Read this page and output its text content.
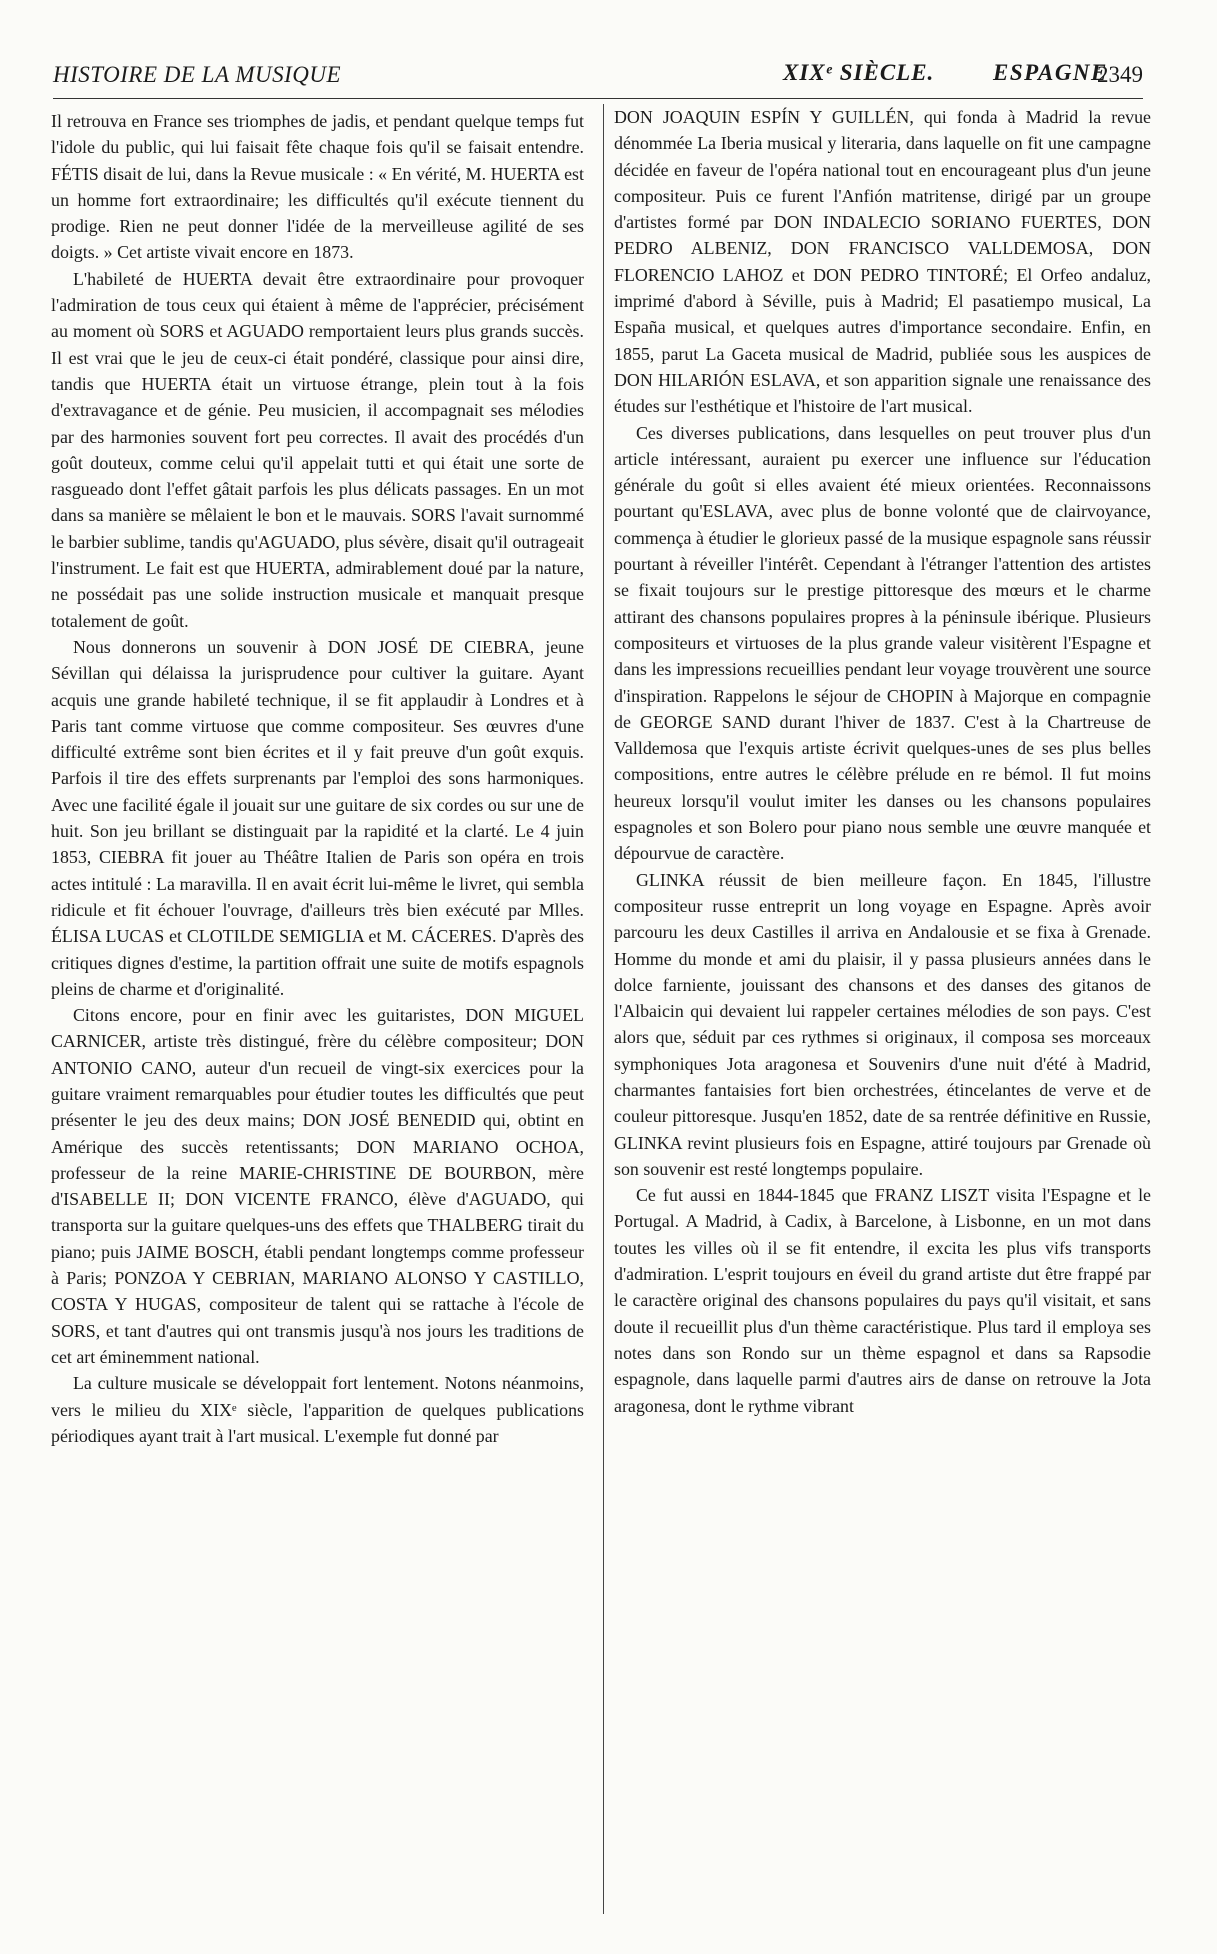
HISTOIRE DE LA MUSIQUE	XIXᵉ SIÈCLE.	ESPAGNE
2349

Il retrouva en France ses triomphes de jadis, et pendant quelque temps fut l'idole du public, qui lui faisait fête chaque fois qu'il se faisait entendre. FÉTIS disait de lui, dans la Revue musicale : « En vérité, M. HUERTA est un homme fort extraordinaire; les difficultés qu'il exécute tiennent du prodige. Rien ne peut donner l'idée de la merveilleuse agilité de ses doigts. » Cet artiste vivait encore en 1873.

L'habileté de HUERTA devait être extraordinaire pour provoquer l'admiration de tous ceux qui étaient à même de l'apprécier, précisément au moment où SORS et AGUADO remportaient leurs plus grands succès. Il est vrai que le jeu de ceux-ci était pondéré, classique pour ainsi dire, tandis que HUERTA était un virtuose étrange, plein tout à la fois d'extravagance et de génie. Peu musicien, il accompagnait ses mélodies par des harmonies souvent fort peu correctes. Il avait des procédés d'un goût douteux, comme celui qu'il appelait tutti et qui était une sorte de rasgueado dont l'effet gâtait parfois les plus délicats passages. En un mot dans sa manière se mêlaient le bon et le mauvais. SORS l'avait surnommé le barbier sublime, tandis qu'AGUADO, plus sévère, disait qu'il outrageait l'instrument. Le fait est que HUERTA, admirablement doué par la nature, ne possédait pas une solide instruction musicale et manquait presque totalement de goût.

Nous donnerons un souvenir à DON JOSÉ DE CIEBRA, jeune Sévillan qui délaissa la jurisprudence pour cultiver la guitare. Ayant acquis une grande habileté technique, il se fit applaudir à Londres et à Paris tant comme virtuose que comme compositeur. Ses œuvres d'une difficulté extrême sont bien écrites et il y fait preuve d'un goût exquis. Parfois il tire des effets surprenants par l'emploi des sons harmoniques. Avec une facilité égale il jouait sur une guitare de six cordes ou sur une de huit. Son jeu brillant se distinguait par la rapidité et la clarté. Le 4 juin 1853, CIEBRA fit jouer au Théâtre Italien de Paris son opéra en trois actes intitulé : La maravilla. Il en avait écrit lui-même le livret, qui sembla ridicule et fit échouer l'ouvrage, d'ailleurs très bien exécuté par Mlles. ÉLISA LUCAS et CLOTILDE SEMIGLIA et M. CÁCERES. D'après des critiques dignes d'estime, la partition offrait une suite de motifs espagnols pleins de charme et d'originalité.

Citons encore, pour en finir avec les guitaristes, DON MIGUEL CARNICER, artiste très distingué, frère du célèbre compositeur; DON ANTONIO CANO, auteur d'un recueil de vingt-six exercices pour la guitare vraiment remarquables pour étudier toutes les difficultés que peut présenter le jeu des deux mains; DON JOSÉ BENEDID qui, obtint en Amérique des succès retentissants; DON MARIANO OCHOA, professeur de la reine MARIE-CHRISTINE DE BOURBON, mère d'ISABELLE II; DON VICENTE FRANCO, élève d'AGUADO, qui transporta sur la guitare quelques-uns des effets que THALBERG tirait du piano; puis JAIME BOSCH, établi pendant longtemps comme professeur à Paris; PONZOA Y CEBRIAN, MARIANO ALONSO Y CASTILLO, COSTA Y HUGAS, compositeur de talent qui se rattache à l'école de SORS, et tant d'autres qui ont transmis jusqu'à nos jours les traditions de cet art éminemment national.

La culture musicale se développait fort lentement. Notons néanmoins, vers le milieu du XIXᵉ siècle, l'apparition de quelques publications périodiques ayant trait à l'art musical. L'exemple fut donné par

DON JOAQUIN ESPÍN Y GUILLÉN, qui fonda à Madrid la revue dénommée La Iberia musical y literaria, dans laquelle on fit une campagne décidée en faveur de l'opéra national tout en encourageant plus d'un jeune compositeur. Puis ce furent l'Anfión matritense, dirigé par un groupe d'artistes formé par DON INDALECIO SORIANO FUERTES, DON PEDRO ALBENIZ, DON FRANCISCO VALLDEMOSA, DON FLORENCIO LAHOZ et DON PEDRO TINTORÉ; El Orfeo andaluz, imprimé d'abord à Séville, puis à Madrid; El pasatiempo musical, La España musical, et quelques autres d'importance secondaire. Enfin, en 1855, parut La Gaceta musical de Madrid, publiée sous les auspices de DON HILARIÓN ESLAVA, et son apparition signale une renaissance des études sur l'esthétique et l'histoire de l'art musical.

Ces diverses publications, dans lesquelles on peut trouver plus d'un article intéressant, auraient pu exercer une influence sur l'éducation générale du goût si elles avaient été mieux orientées. Reconnaissons pourtant qu'ESLAVA, avec plus de bonne volonté que de clairvoyance, commença à étudier le glorieux passé de la musique espagnole sans réussir pourtant à réveiller l'intérêt. Cependant à l'étranger l'attention des artistes se fixait toujours sur le prestige pittoresque des mœurs et le charme attirant des chansons populaires propres à la péninsule ibérique. Plusieurs compositeurs et virtuoses de la plus grande valeur visitèrent l'Espagne et dans les impressions recueillies pendant leur voyage trouvèrent une source d'inspiration. Rappelons le séjour de CHOPIN à Majorque en compagnie de GEORGE SAND durant l'hiver de 1837. C'est à la Chartreuse de Valldemosa que l'exquis artiste écrivit quelques-unes de ses plus belles compositions, entre autres le célèbre prélude en re bémol. Il fut moins heureux lorsqu'il voulut imiter les danses ou les chansons populaires espagnoles et son Bolero pour piano nous semble une œuvre manquée et dépourvue de caractère.

GLINKA réussit de bien meilleure façon. En 1845, l'illustre compositeur russe entreprit un long voyage en Espagne. Après avoir parcouru les deux Castilles il arriva en Andalousie et se fixa à Grenade. Homme du monde et ami du plaisir, il y passa plusieurs années dans le dolce farniente, jouissant des chansons et des danses des gitanos de l'Albaicin qui devaient lui rappeler certaines mélodies de son pays. C'est alors que, séduit par ces rythmes si originaux, il composa ses morceaux symphoniques Jota aragonesa et Souvenirs d'une nuit d'été à Madrid, charmantes fantaisies fort bien orchestrées, étincelantes de verve et de couleur pittoresque. Jusqu'en 1852, date de sa rentrée définitive en Russie, GLINKA revint plusieurs fois en Espagne, attiré toujours par Grenade où son souvenir est resté longtemps populaire.

Ce fut aussi en 1844-1845 que FRANZ LISZT visita l'Espagne et le Portugal. A Madrid, à Cadix, à Barcelone, à Lisbonne, en un mot dans toutes les villes où il se fit entendre, il excita les plus vifs transports d'admiration. L'esprit toujours en éveil du grand artiste dut être frappé par le caractère original des chansons populaires du pays qu'il visitait, et sans doute il recueillit plus d'un thème caractéristique. Plus tard il employa ses notes dans son Rondo sur un thème espagnol et dans sa Rapsodie espagnole, dans laquelle parmi d'autres airs de danse on retrouve la Jota aragonesa, dont le rythme vibrant
